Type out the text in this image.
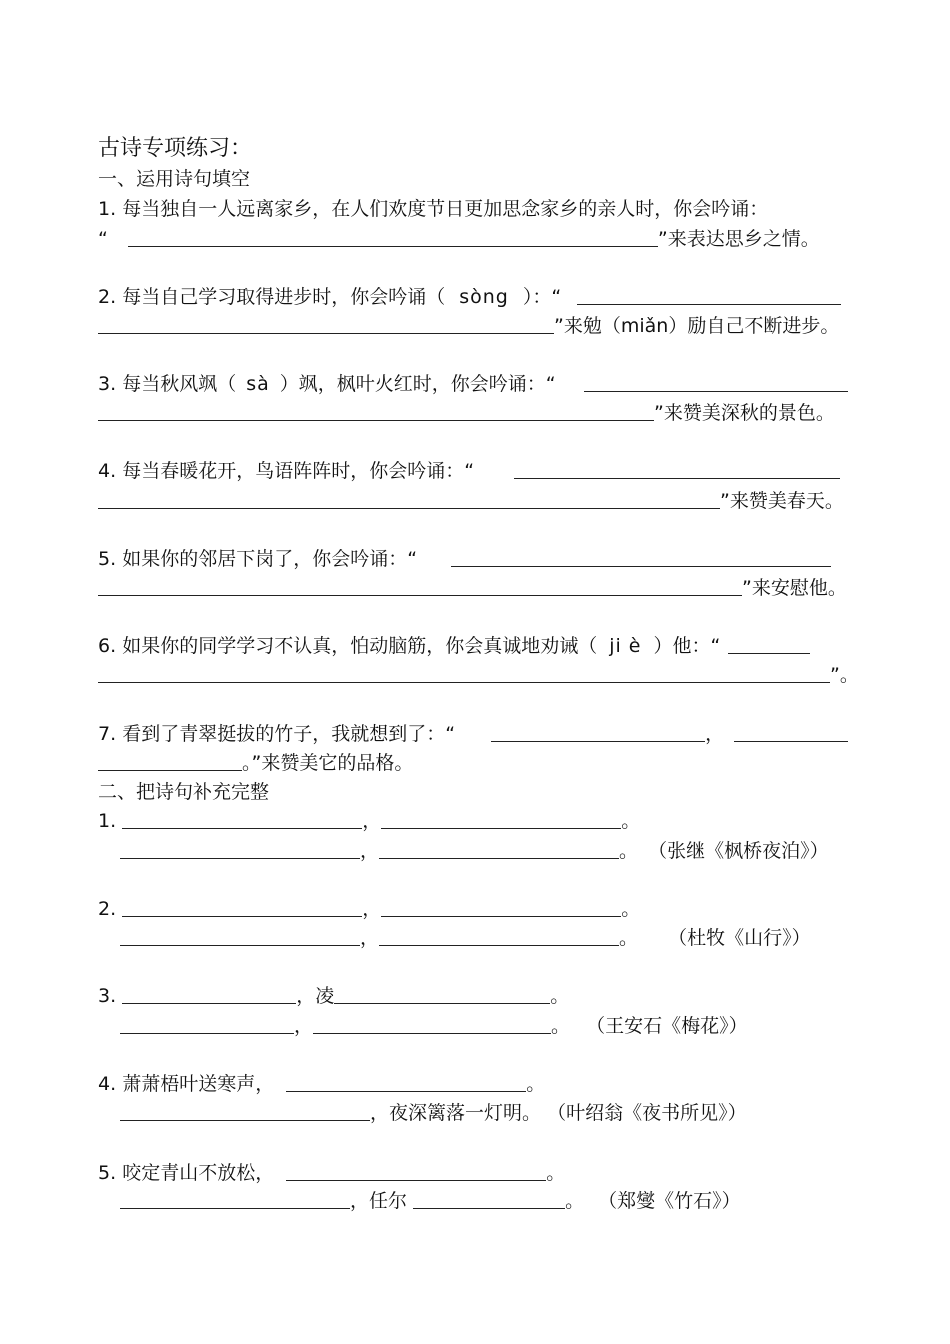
古诗专项练习：
一、运用诗句填空
1. 每当独自一人远离家乡，在人们欢度节日更加思念家乡的亲人时，你会吟诵：
“	”来表达思乡之情。
2. 每当自己学习取得进步时，你会吟诵（ sòng ）：“
”来勉（miǎn）励自己不断进步。
3. 每当秋风飒（ sà ）飒，枫叶火红时，你会吟诵：“
”来赞美深秋的景色。
4. 每当春暖花开，鸟语阵阵时，你会吟诵：“
”来赞美春天。
5. 如果你的邻居下岗了，你会吟诵：“
”来安慰他。
6. 如果你的同学学习不认真，怕动脑筋，你会真诚地劝诫（ ji è ）他：“
”。
7. 看到了青翠挺拔的竹子，我就想到了：“	，
。”来赞美它的品格。
二、把诗句补充完整
1.	，	。
，	。 （张继《枫桥夜泊》）
2.	，	。
，	。 （杜牧《山行》）
3.	，凌	。
，	。 （王安石《梅花》）
4. 萧萧梧叶送寒声，	。
，夜深篱落一灯明。 （叶绍翁《夜书所见》）
5. 咬定青山不放松，	。
，任尔	。 （郑燮《竹石》）
